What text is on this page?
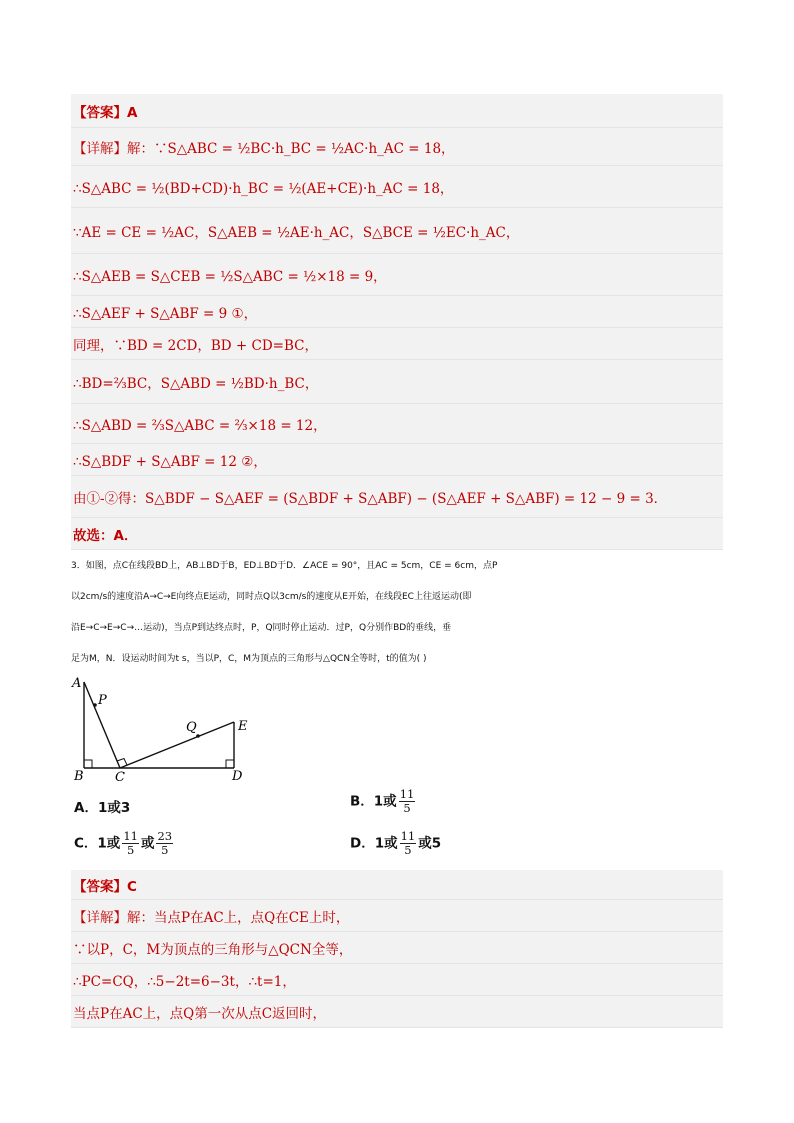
【答案】A
【详解】解：∵S△ABC = ½BC·h_BC = ½AC·h_AC = 18，
∴S△ABC = ½(BD+CD)·h_BC = ½(AE+CE)·h_AC = 18，
∵AE = CE = ½AC，S△AEB = ½AE·h_AC，S△BCE = ½EC·h_AC，
∴S△AEB = S△CEB = ½S△ABC = ½×18 = 9，
∴S△AEF + S△ABF = 9 ①，
同理，∵BD = 2CD，BD + CD=BC，
∴BD=⅔BC，S△ABD = ½BD·h_BC，
∴S△ABD = ⅔S△ABC = ⅔×18 = 12，
∴S△BDF + S△ABF = 12 ②，
由①-②得：S△BDF − S△AEF = (S△BDF + S△ABF) − (S△AEF + S△ABF) = 12 − 9 = 3．
故选：A．
3．如图，点C在线段BD上，AB⊥BD于B，ED⊥BD于D．∠ACE = 90°，且AC = 5cm，CE = 6cm，点P
以2cm/s的速度沿A→C→E向终点E运动，同时点Q以3cm/s的速度从E开始，在线段EC上往返运动(即
沿E→C→E→C→…运动)，当点P到达终点时，P，Q同时停止运动．过P，Q分别作BD的垂线，垂
足为M，N．设运动时间为t s，当以P，C，M为顶点的三角形与△QCN全等时，t的值为( )
A
P
Q	E
B C	D
A．1或3	B．1或 $\frac{11}{5}$
C．1或 $\frac{11}{5}$ 或 $\frac{23}{5}$	D．1或 $\frac{11}{5}$ 或5
【答案】C
【详解】解：当点P在AC上，点Q在CE上时，
∵以P，C，M为顶点的三角形与△QCN全等，
∴PC=CQ，∴5−2t=6−3t，∴t=1，
当点P在AC上，点Q第一次从点C返回时，
